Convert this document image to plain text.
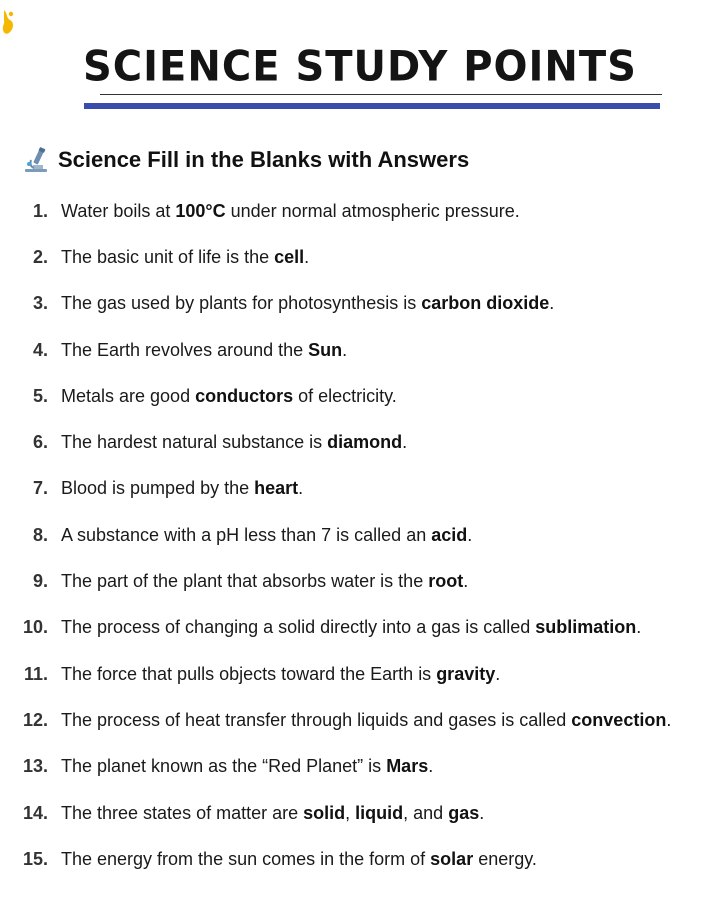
SCIENCE STUDY POINTS
Science Fill in the Blanks with Answers
1. Water boils at 100°C under normal atmospheric pressure.
2. The basic unit of life is the cell.
3. The gas used by plants for photosynthesis is carbon dioxide.
4. The Earth revolves around the Sun.
5. Metals are good conductors of electricity.
6. The hardest natural substance is diamond.
7. Blood is pumped by the heart.
8. A substance with a pH less than 7 is called an acid.
9. The part of the plant that absorbs water is the root.
10. The process of changing a solid directly into a gas is called sublimation.
11. The force that pulls objects toward the Earth is gravity.
12. The process of heat transfer through liquids and gases is called convection.
13. The planet known as the “Red Planet” is Mars.
14. The three states of matter are solid, liquid, and gas.
15. The energy from the sun comes in the form of solar energy.
